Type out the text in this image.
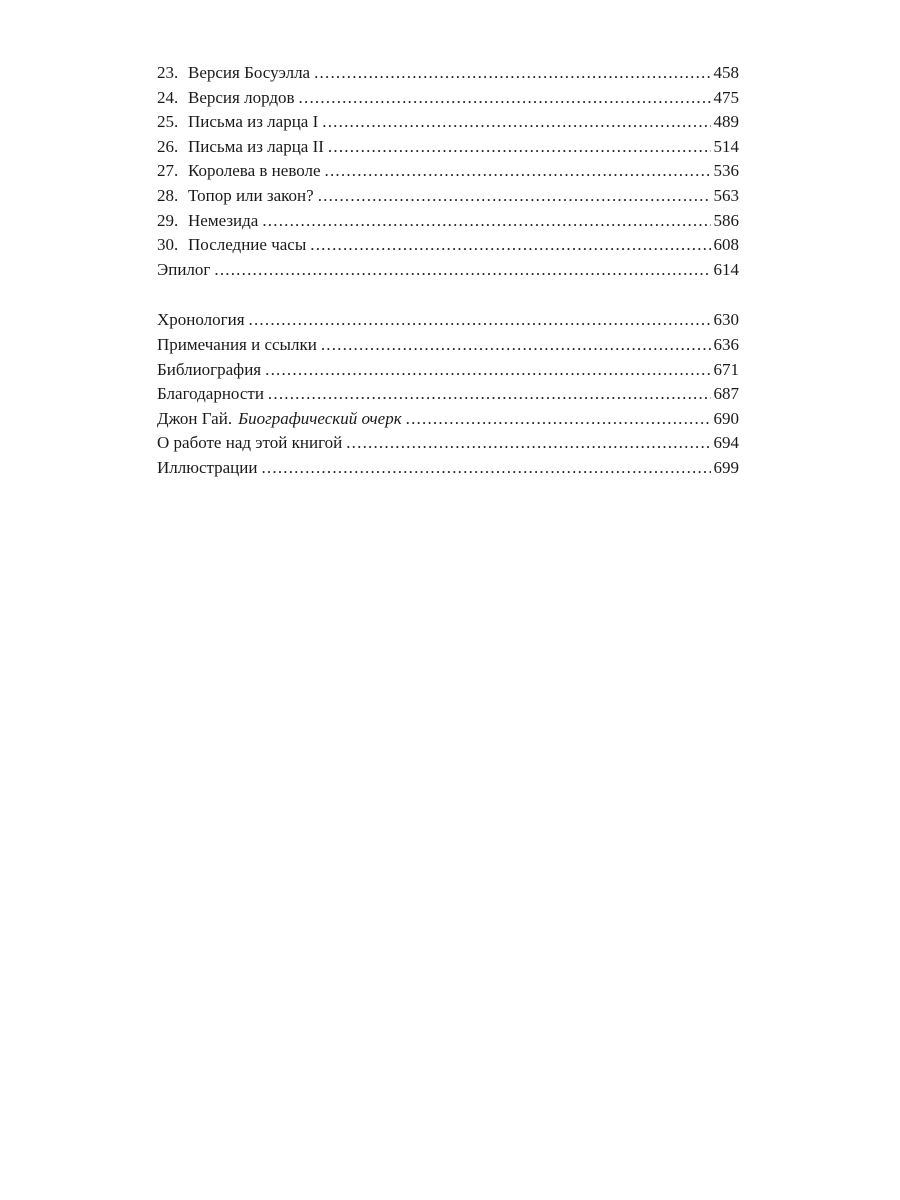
23. Версия Босуэлла .....	458
24. Версия лордов .....	475
25. Письма из ларца I .....	489
26. Письма из ларца II .....	514
27. Королева в неволе .....	536
28. Топор или закон? .....	563
29. Немезида .....	586
30. Последние часы .....	608
Эпилог .....	614
Хронология .....	630
Примечания и ссылки .....	636
Библиография .....	671
Благодарности .....	687
Джон Гай. Биографический очерк .....	690
О работе над этой книгой .....	694
Иллюстрации .....	699
